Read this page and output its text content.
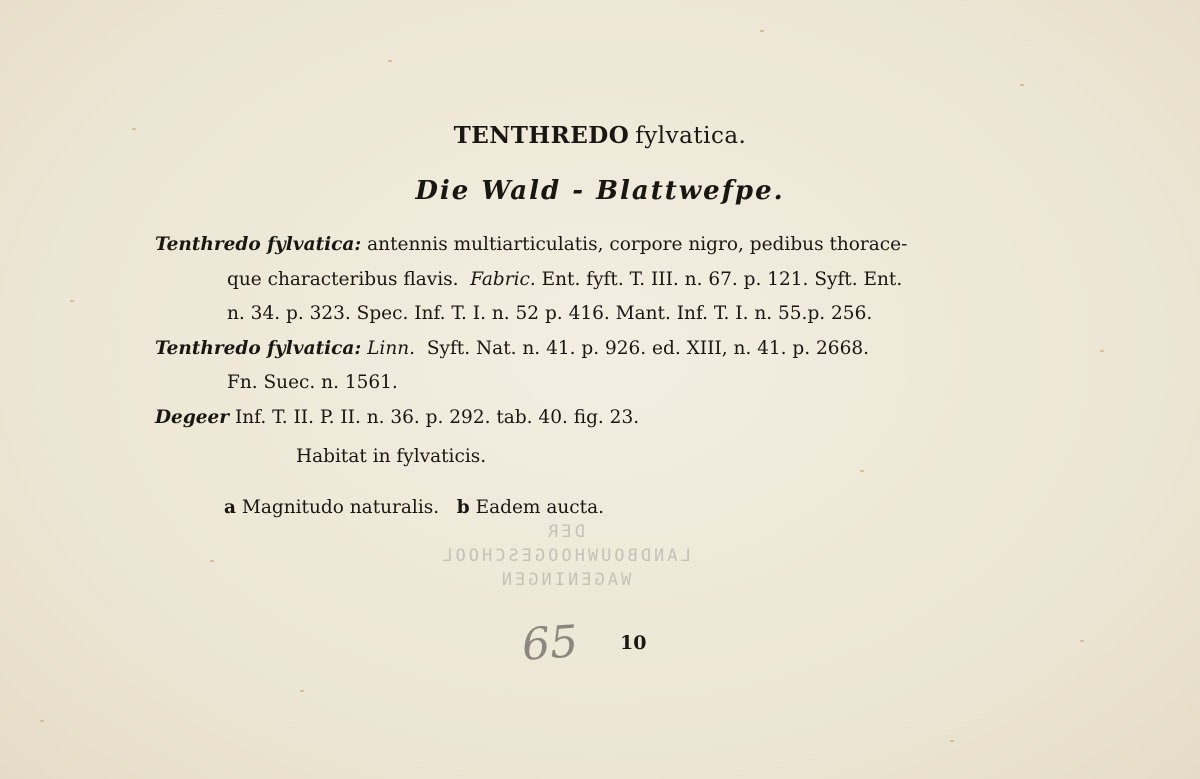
TENTHREDO fylvatica.
Die Wald - Blattwefpe.
Tenthredo fylvatica: antennis multiarticulatis, corpore nigro, pedibus thorace-
que characteribus flavis. Fabric. Ent. fyft. T. III. n. 67. p. 121. Syft. Ent.
n. 34. p. 323. Spec. Inf. T. I. n. 52 p. 416. Mant. Inf. T. I. n. 55.p. 256.
Tenthredo fylvatica: Linn. Syft. Nat. n. 41. p. 926. ed. XIII, n. 41. p. 2668.
Fn. Suec. n. 1561.
Degeer Inf. T. II. P. II. n. 36. p. 292. tab. 40. fig. 23.
Habitat in fylvaticis.
a Magnitudo naturalis. b Eadem aucta.
DER
LANDBOUWHOOGESCHOOL
WAGENINGEN
65 10
